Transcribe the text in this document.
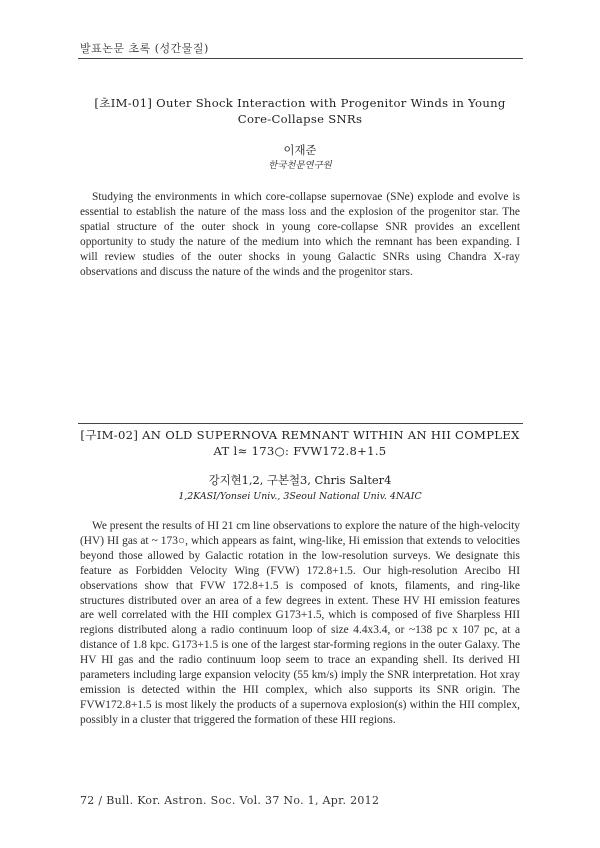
발표논문 초록 (성간물질)

[초IM-01] Outer Shock Interaction with Progenitor Winds in Young Core-Collapse SNRs

이재준

한국천문연구원

Studying the environments in which core-collapse supernovae (SNe) explode and evolve is essential to establish the nature of the mass loss and the explosion of the progenitor star. The spatial structure of the outer shock in young core-collapse SNR provides an excellent opportunity to study the nature of the medium into which the remnant has been expanding. I will review studies of the outer shocks in young Galactic SNRs using Chandra X-ray observations and discuss the nature of the winds and the progenitor stars.

[구IM-02] AN OLD SUPERNOVA REMNANT WITHIN AN HII COMPLEX AT l≈ 173○: FVW172.8+1.5

강지현1,2, 구본철3, Chris Salter4

1,2KASI/Yonsei Univ., 3Seoul National Univ. 4NAIC

We present the results of HI 21 cm line observations to explore the nature of the high-velocity (HV) HI gas at ~ 173○, which appears as faint, wing-like, Hi emission that extends to velocities beyond those allowed by Galactic rotation in the low-resolution surveys. We designate this feature as Forbidden Velocity Wing (FVW) 172.8+1.5. Our high-resolution Arecibo HI observations show that FVW 172.8+1.5 is composed of knots, filaments, and ring-like structures distributed over an area of a few degrees in extent. These HV HI emission features are well correlated with the HII complex G173+1.5, which is composed of five Sharpless HII regions distributed along a radio continuum loop of size 4.4x3.4, or ~138 pc x 107 pc, at a distance of 1.8 kpc. G173+1.5 is one of the largest star-forming regions in the outer Galaxy. The HV HI gas and the radio continuum loop seem to trace an expanding shell. Its derived HI parameters including large expansion velocity (55 km/s) imply the SNR interpretation. Hot xray emission is detected within the HII complex, which also supports its SNR origin. The FVW172.8+1.5 is most likely the products of a supernova explosion(s) within the HII complex, possibly in a cluster that triggered the formation of these HII regions.

72 / Bull. Kor. Astron. Soc. Vol. 37 No. 1, Apr. 2012
